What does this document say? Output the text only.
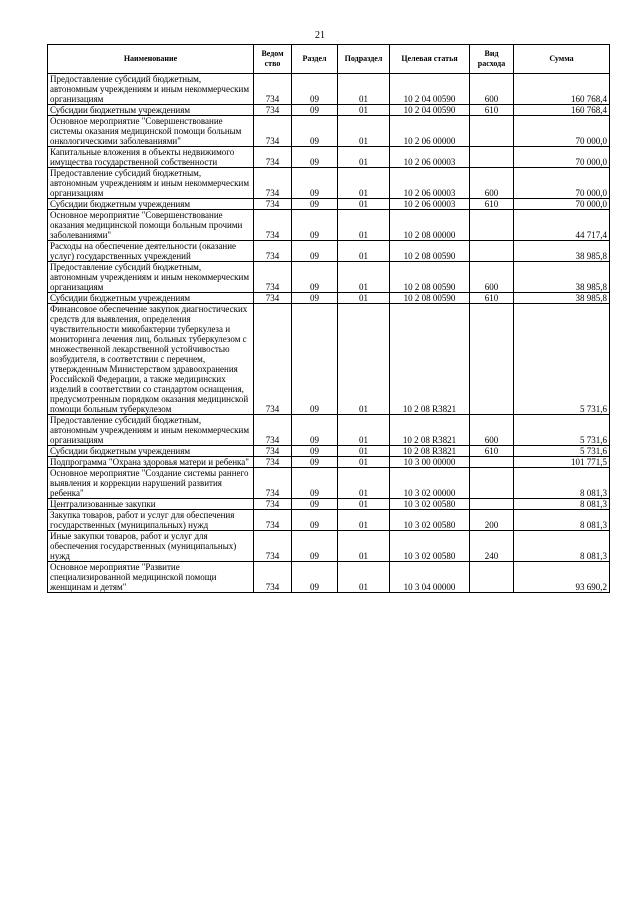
21
Наименование	Ведом ство	Раздел	Подраздел	Целевая статья	Вид расхода	Сумма
Предоставление субсидий бюджетным, автономным учреждениям и иным некоммерческим организациям	734	09	01	10 2 04 00590	600	160 768,4
Субсидии бюджетным учреждениям	734	09	01	10 2 04 00590	610	160 768,4
Основное мероприятие "Совершенствование системы оказания медицинской помощи больным онкологическими заболеваниями"	734	09	01	10 2 06 00000		70 000,0
Капитальные вложения в объекты недвижимого имущества государственной собственности	734	09	01	10 2 06 00003		70 000,0
Предоставление субсидий бюджетным, автономным учреждениям и иным некоммерческим организациям	734	09	01	10 2 06 00003	600	70 000,0
Субсидии бюджетным учреждениям	734	09	01	10 2 06 00003	610	70 000,0
Основное мероприятие "Совершенствование оказания медицинской помощи больным прочими заболеваниями"	734	09	01	10 2 08 00000		44 717,4
Расходы на обеспечение деятельности (оказание услуг) государственных учреждений	734	09	01	10 2 08 00590		38 985,8
Предоставление субсидий бюджетным, автономным учреждениям и иным некоммерческим организациям	734	09	01	10 2 08 00590	600	38 985,8
Субсидии бюджетным учреждениям	734	09	01	10 2 08 00590	610	38 985,8
Финансовое обеспечение закупок диагностических средств для выявления, определения чувствительности микобактерии туберкулеза и мониторинга лечения лиц, больных туберкулезом с множественной лекарственной устойчивостью возбудителя, в соответствии с перечнем, утвержденным Министерством здравоохранения Российской Федерации, а также медицинских изделий в соответствии со стандартом оснащения, предусмотренным порядком оказания медицинской помощи больным туберкулезом	734	09	01	10 2 08 R3821		5 731,6
Предоставление субсидий бюджетным, автономным учреждениям и иным некоммерческим организациям	734	09	01	10 2 08 R3821	600	5 731,6
Субсидии бюджетным учреждениям	734	09	01	10 2 08 R3821	610	5 731,6
Подпрограмма "Охрана здоровья матери и ребенка"	734	09	01	10 3 00 00000		101 771,5
Основное мероприятие "Создание системы раннего выявления и коррекции нарушений развития ребенка"	734	09	01	10 3 02 00000		8 081,3
Централизованные закупки	734	09	01	10 3 02 00580		8 081,3
Закупка товаров, работ и услуг для обеспечения государственных (муниципальных) нужд	734	09	01	10 3 02 00580	200	8 081,3
Иные закупки товаров, работ и услуг для обеспечения государственных (муниципальных) нужд	734	09	01	10 3 02 00580	240	8 081,3
Основное мероприятие "Развитие специализированной медицинской помощи женщинам и детям"	734	09	01	10 3 04 00000		93 690,2
